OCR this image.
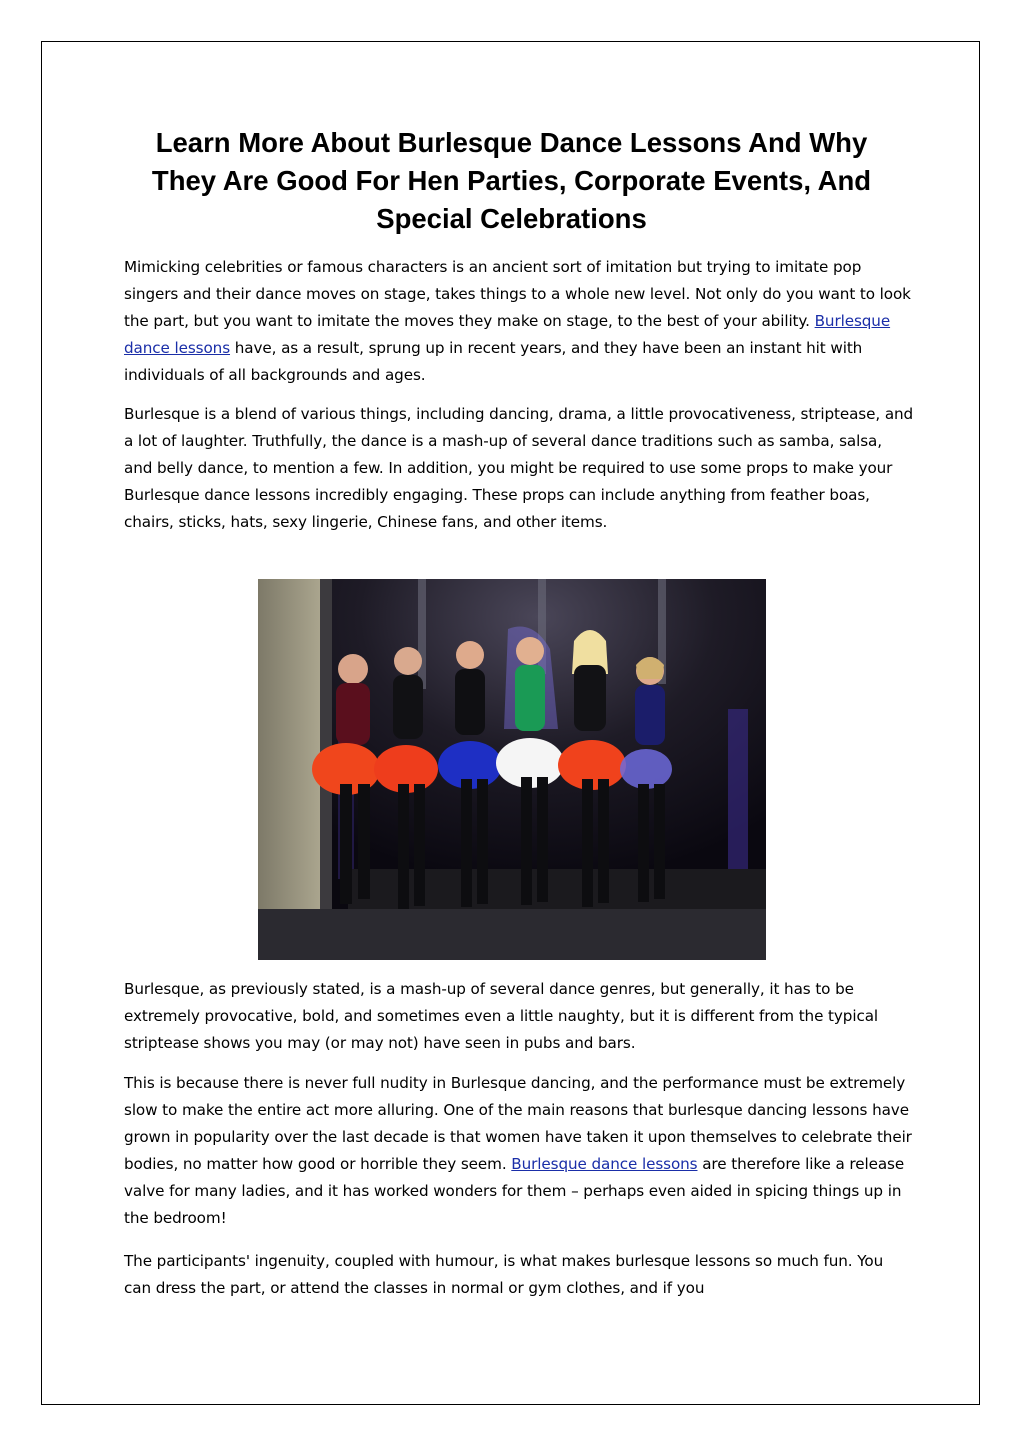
Learn More About Burlesque Dance Lessons And Why They Are Good For Hen Parties, Corporate Events, And Special Celebrations

Mimicking celebrities or famous characters is an ancient sort of imitation but trying to imitate pop singers and their dance moves on stage, takes things to a whole new level. Not only do you want to look the part, but you want to imitate the moves they make on stage, to the best of your ability. Burlesque dance lessons have, as a result, sprung up in recent years, and they have been an instant hit with individuals of all backgrounds and ages.

Burlesque is a blend of various things, including dancing, drama, a little provocativeness, striptease, and a lot of laughter. Truthfully, the dance is a mash-up of several dance traditions such as samba, salsa, and belly dance, to mention a few. In addition, you might be required to use some props to make your Burlesque dance lessons incredibly engaging. These props can include anything from feather boas, chairs, sticks, hats, sexy lingerie, Chinese fans, and other items.

Burlesque, as previously stated, is a mash-up of several dance genres, but generally, it has to be extremely provocative, bold, and sometimes even a little naughty, but it is different from the typical striptease shows you may (or may not) have seen in pubs and bars.

This is because there is never full nudity in Burlesque dancing, and the performance must be extremely slow to make the entire act more alluring. One of the main reasons that burlesque dancing lessons have grown in popularity over the last decade is that women have taken it upon themselves to celebrate their bodies, no matter how good or horrible they seem. Burlesque dance lessons are therefore like a release valve for many ladies, and it has worked wonders for them – perhaps even aided in spicing things up in the bedroom!

The participants' ingenuity, coupled with humour, is what makes burlesque lessons so much fun. You can dress the part, or attend the classes in normal or gym clothes, and if you
